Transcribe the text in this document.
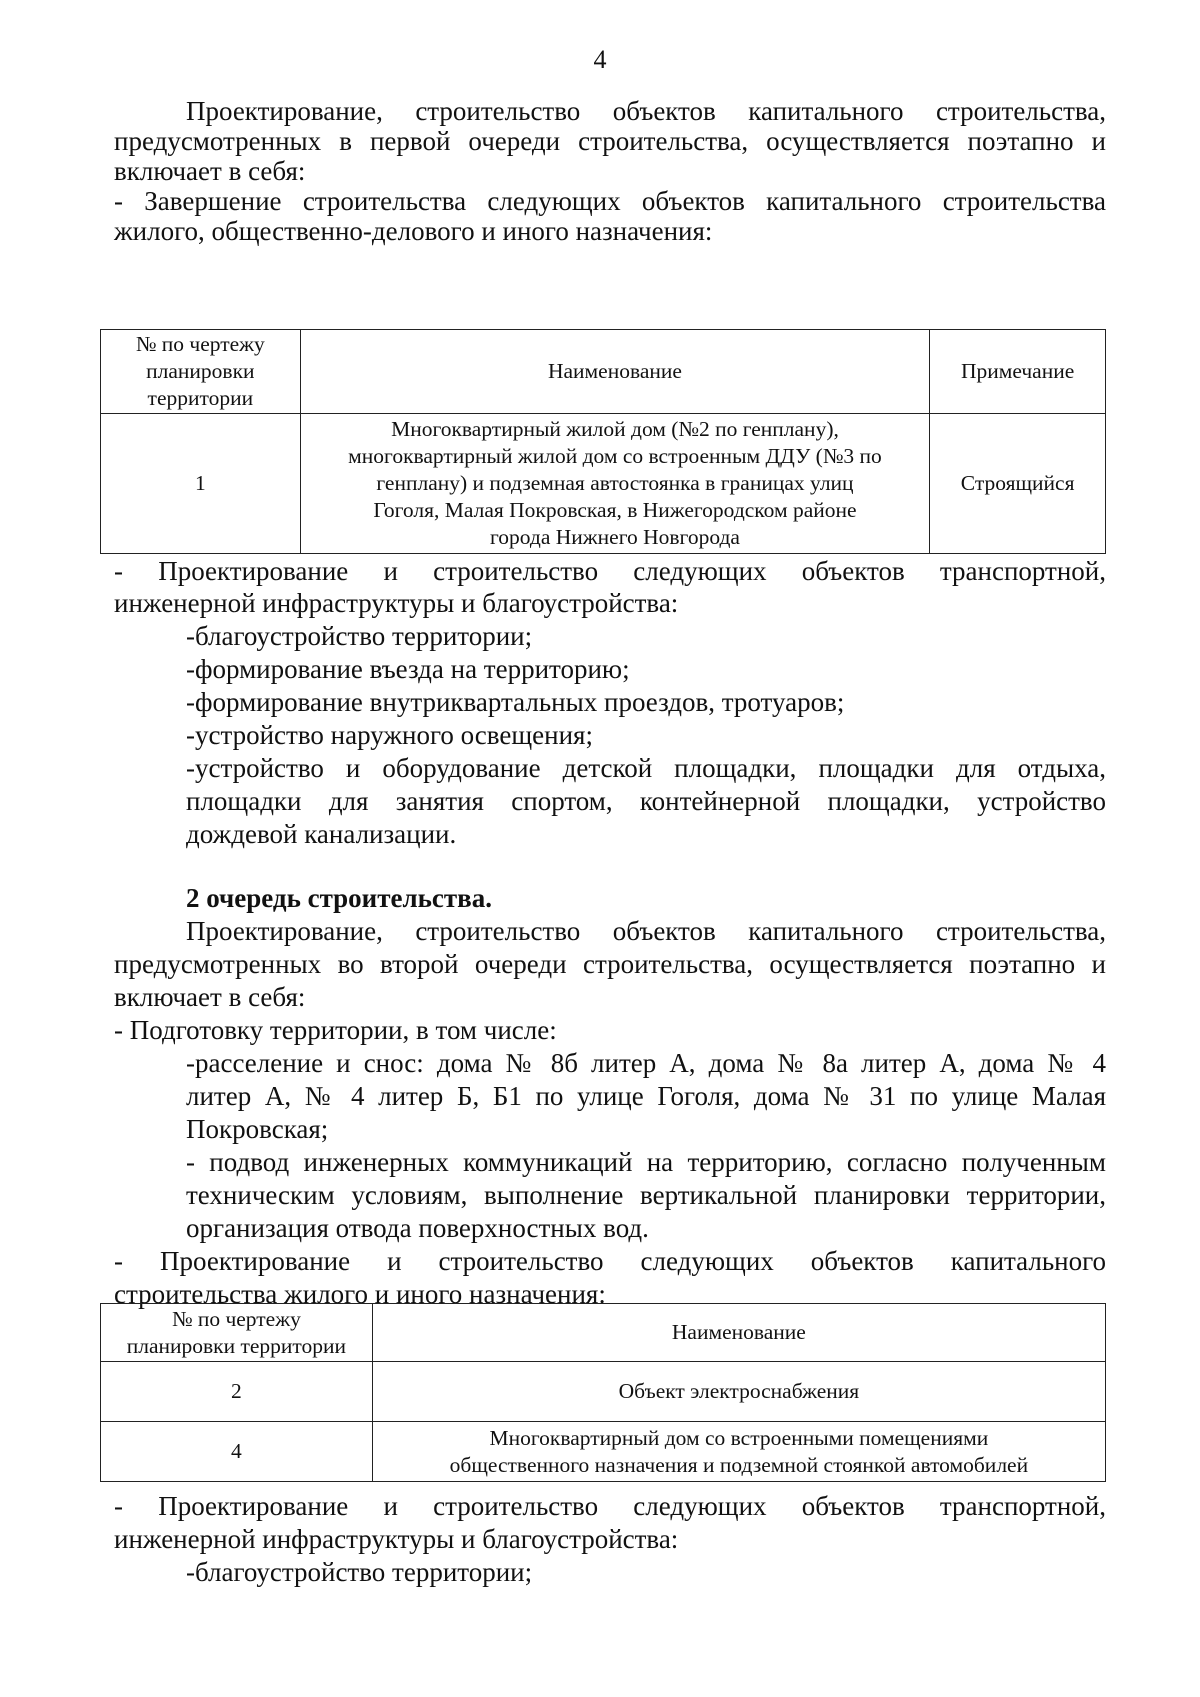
4
Проектирование, строительство объектов капитального строительства,
предусмотренных в первой очереди строительства, осуществляется поэтапно и
включает в себя:
- Завершение строительства следующих объектов капитального строительства
жилого, общественно-делового и иного назначения:
№ по чертежу
планировки
территории	Наименование	Примечание
1	Многоквартирный жилой дом (№2 по генплану),
многоквартирный жилой дом со встроенным ДДУ (№3 по
генплану) и подземная автостоянка в границах улиц
Гоголя, Малая Покровская, в Нижегородском районе
города Нижнего Новгорода	Строящийся
- Проектирование и строительство следующих объектов транспортной,
инженерной инфраструктуры и благоустройства:
-благоустройство территории;
-формирование въезда на территорию;
-формирование внутриквартальных проездов, тротуаров;
-устройство наружного освещения;
-устройство и оборудование детской площадки, площадки для отдыха,
площадки для занятия спортом, контейнерной площадки, устройство
дождевой канализации.
2 очередь строительства.
Проектирование, строительство объектов капитального строительства,
предусмотренных во второй очереди строительства, осуществляется поэтапно и
включает в себя:
- Подготовку территории, в том числе:
-расселение и снос: дома № 8б литер А, дома № 8а литер А, дома № 4
литер А, № 4 литер Б, Б1 по улице Гоголя, дома № 31 по улице Малая
Покровская;
- подвод инженерных коммуникаций на территорию, согласно полученным
техническим условиям, выполнение вертикальной планировки территории,
организация отвода поверхностных вод.
- Проектирование и строительство следующих объектов капитального
строительства жилого и иного назначения:
№ по чертежу
планировки территории	Наименование
2	Объект электроснабжения
4	Многоквартирный дом со встроенными помещениями
общественного назначения и подземной стоянкой автомобилей
- Проектирование и строительство следующих объектов транспортной,
инженерной инфраструктуры и благоустройства:
-благоустройство территории;
